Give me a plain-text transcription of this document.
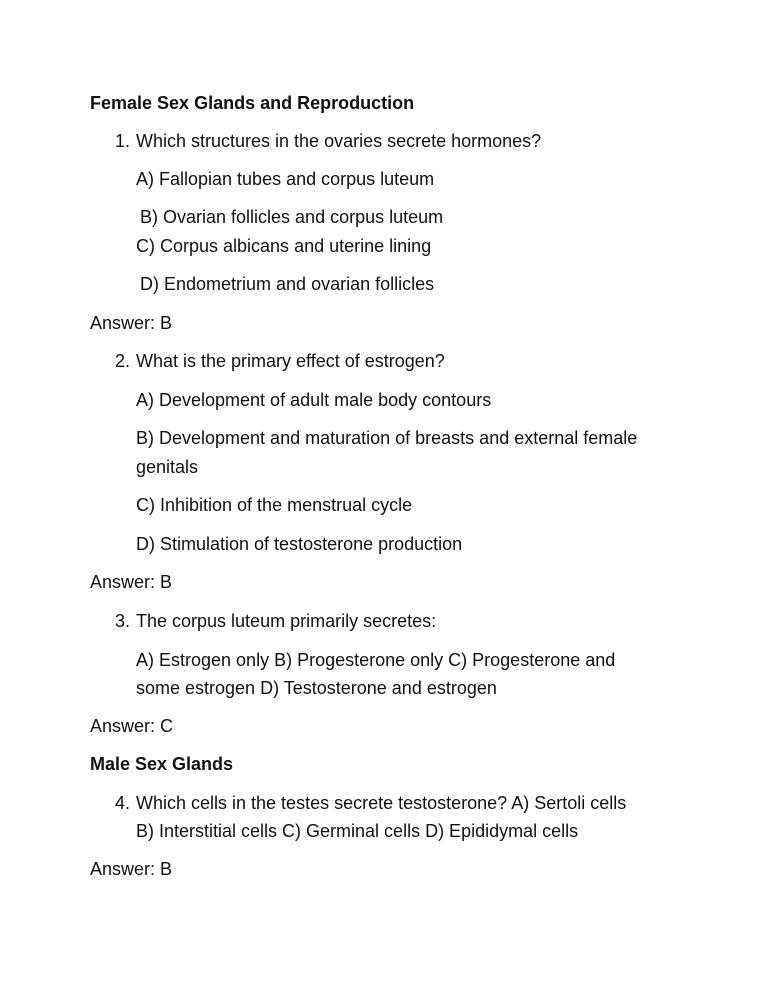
Female Sex Glands and Reproduction
1. Which structures in the ovaries secrete hormones?
A) Fallopian tubes and corpus luteum
B) Ovarian follicles and corpus luteum
C) Corpus albicans and uterine lining
D) Endometrium and ovarian follicles
Answer: B
2. What is the primary effect of estrogen?
A) Development of adult male body contours
B) Development and maturation of breasts and external female
genitals
C) Inhibition of the menstrual cycle
D) Stimulation of testosterone production
Answer: B
3. The corpus luteum primarily secretes:
A) Estrogen only B) Progesterone only C) Progesterone and
some estrogen D) Testosterone and estrogen
Answer: C
Male Sex Glands
4. Which cells in the testes secrete testosterone? A) Sertoli cells
B) Interstitial cells C) Germinal cells D) Epididymal cells
Answer: B
